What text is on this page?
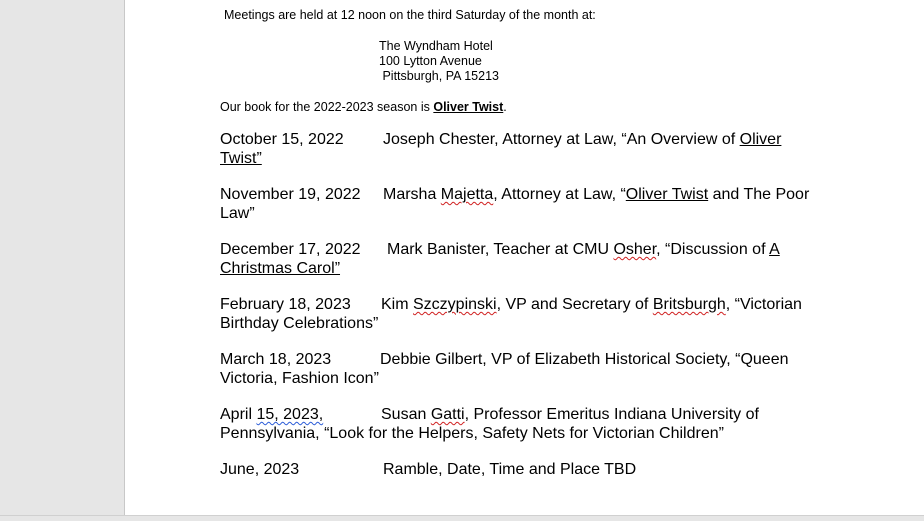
Meetings are held at 12 noon on the third Saturday of the month at:
The Wyndham Hotel
100 Lytton Avenue
Pittsburgh, PA 15213
Our book for the 2022-2023 season is Oliver Twist.
October 15, 2022 Joseph Chester, Attorney at Law, “An Overview of Oliver
Twist”
November 19, 2022 Marsha Majetta, Attorney at Law, “Oliver Twist and The Poor
Law”
December 17, 2022 Mark Banister, Teacher at CMU Osher, “Discussion of A
Christmas Carol”
February 18, 2023 Kim Szczypinski, VP and Secretary of Britsburgh, “Victorian
Birthday Celebrations”
March 18, 2023	Debbie Gilbert, VP of Elizabeth Historical Society, “Queen
Victoria, Fashion Icon”
April 15, 2023,	Susan Gatti, Professor Emeritus Indiana University of
Pennsylvania, “Look for the Helpers, Safety Nets for Victorian Children”
June, 2023	Ramble, Date, Time and Place TBD
